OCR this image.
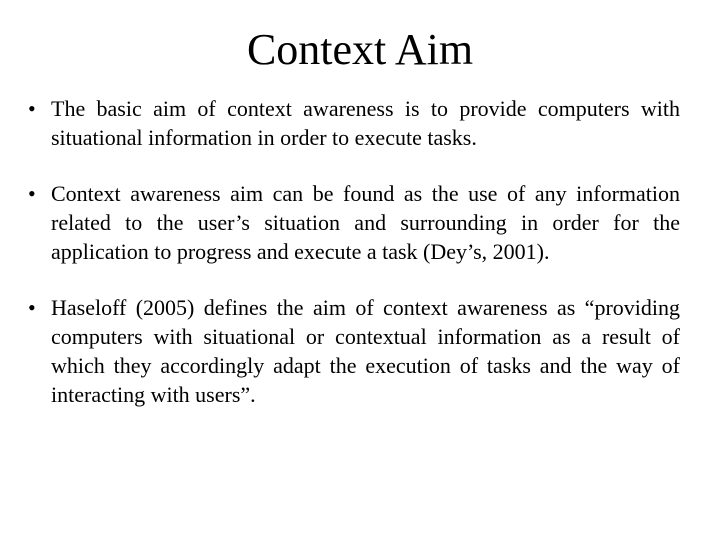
Context Aim
• The basic aim of context awareness is to provide computers with situational information in order to execute tasks.
• Context awareness aim can be found as the use of any information related to the user’s situation and surrounding in order for the application to progress and execute a task (Dey’s, 2001).
• Haseloff (2005) defines the aim of context awareness as “providing computers with situational or contextual information as a result of which they accordingly adapt the execution of tasks and the way of interacting with users”.
